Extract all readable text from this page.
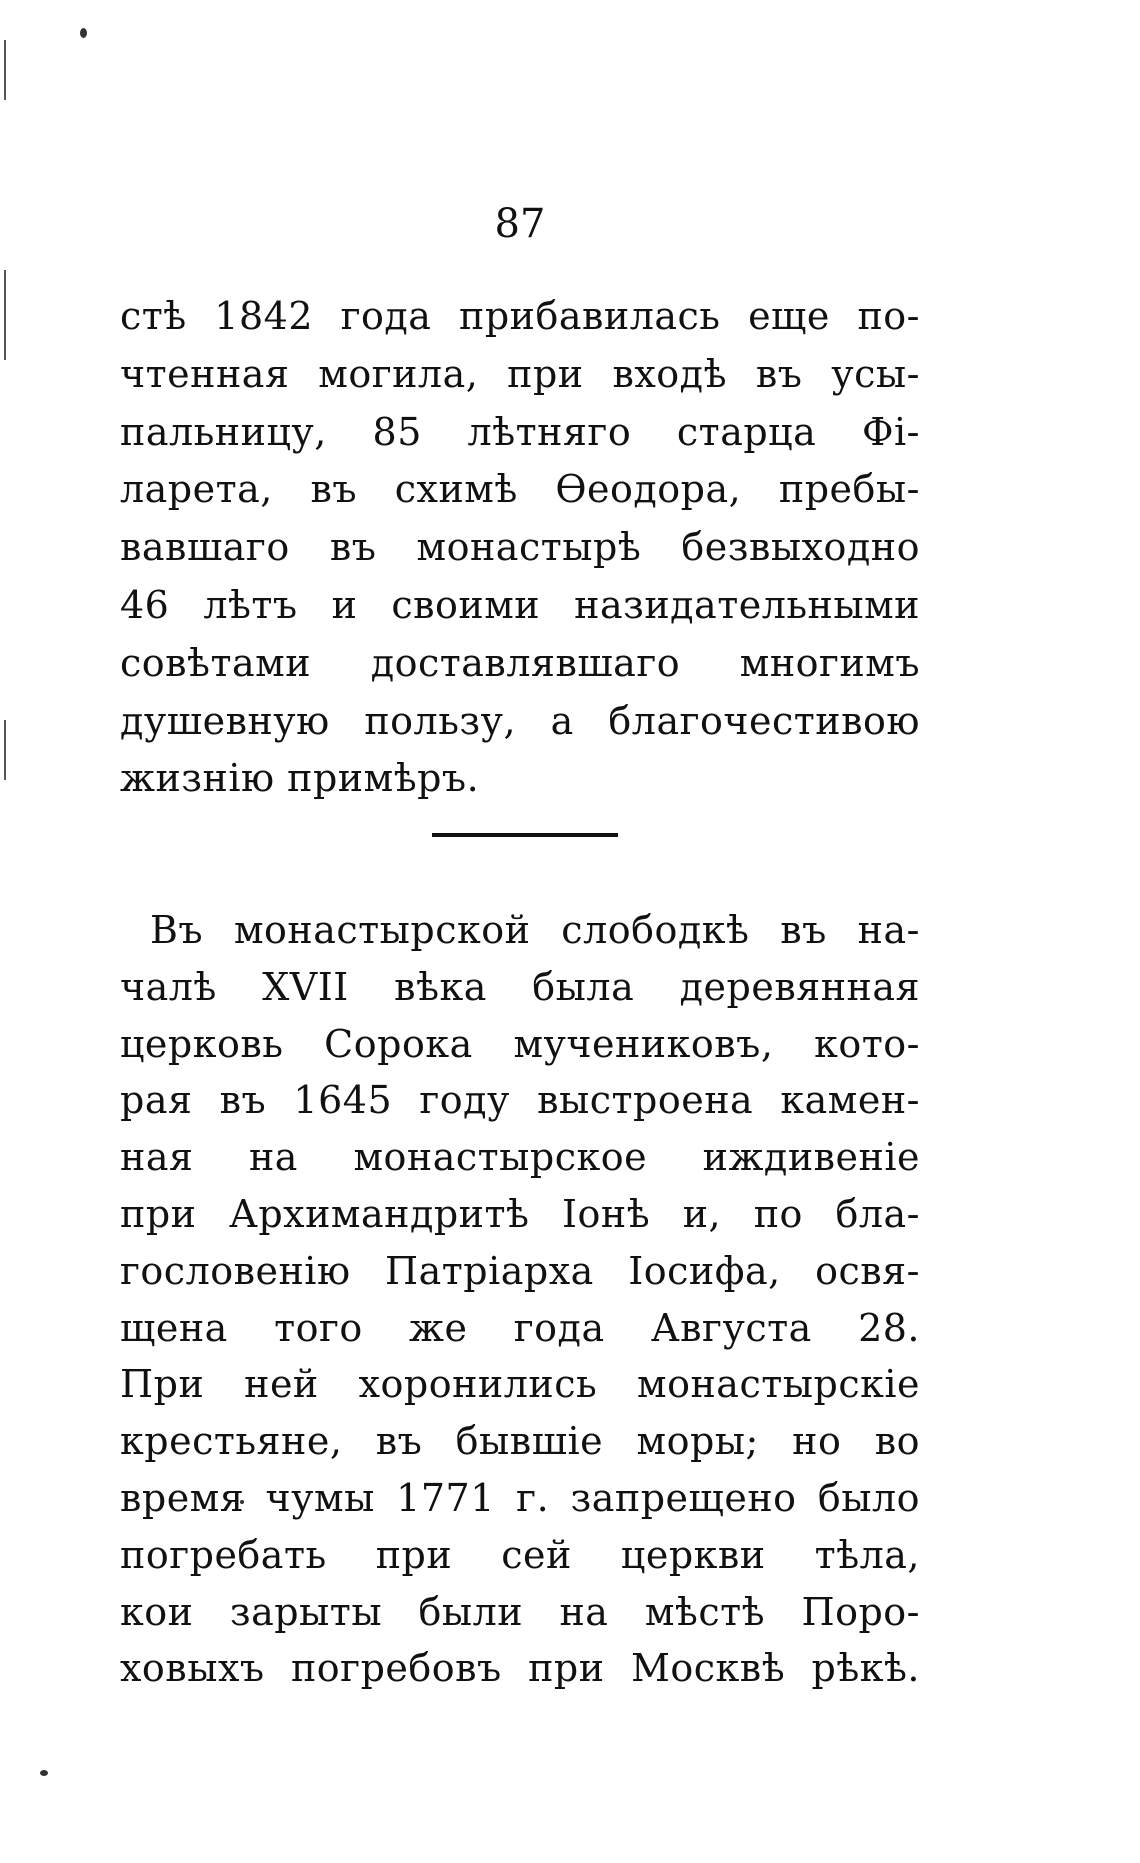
87
стѣ 1842 года прибавилась еще по-
чтенная могила, при входѣ въ усы-
пальницу, 85 лѣтняго старца Фі-
ларета, въ схимѣ Ѳеодора, пребы-
вавшаго въ монастырѣ безвыходно
46 лѣтъ и своими назидательными
совѣтами доставлявшаго многимъ
душевную пользу, а благочестивою
жизнію примѣръ.
Въ монастырской слободкѣ въ на-
чалѣ XVII вѣка была деревянная
церковь Сорока мучениковъ, кото-
рая въ 1645 году выстроена камен-
ная на монастырское иждивеніе
при Архимандритѣ Іонѣ и, по бла-
гословенію Патріарха Іосифа, освя-
щена того же года Августа 28.
При ней хоронились монастырскіе
крестьяне, въ бывшіе моры; но во
время чумы 1771 г. запрещено было
погребать при сей церкви тѣла,
кои зарыты были на мѣстѣ Поро-
ховыхъ погребовъ при Москвѣ рѣкѣ.
